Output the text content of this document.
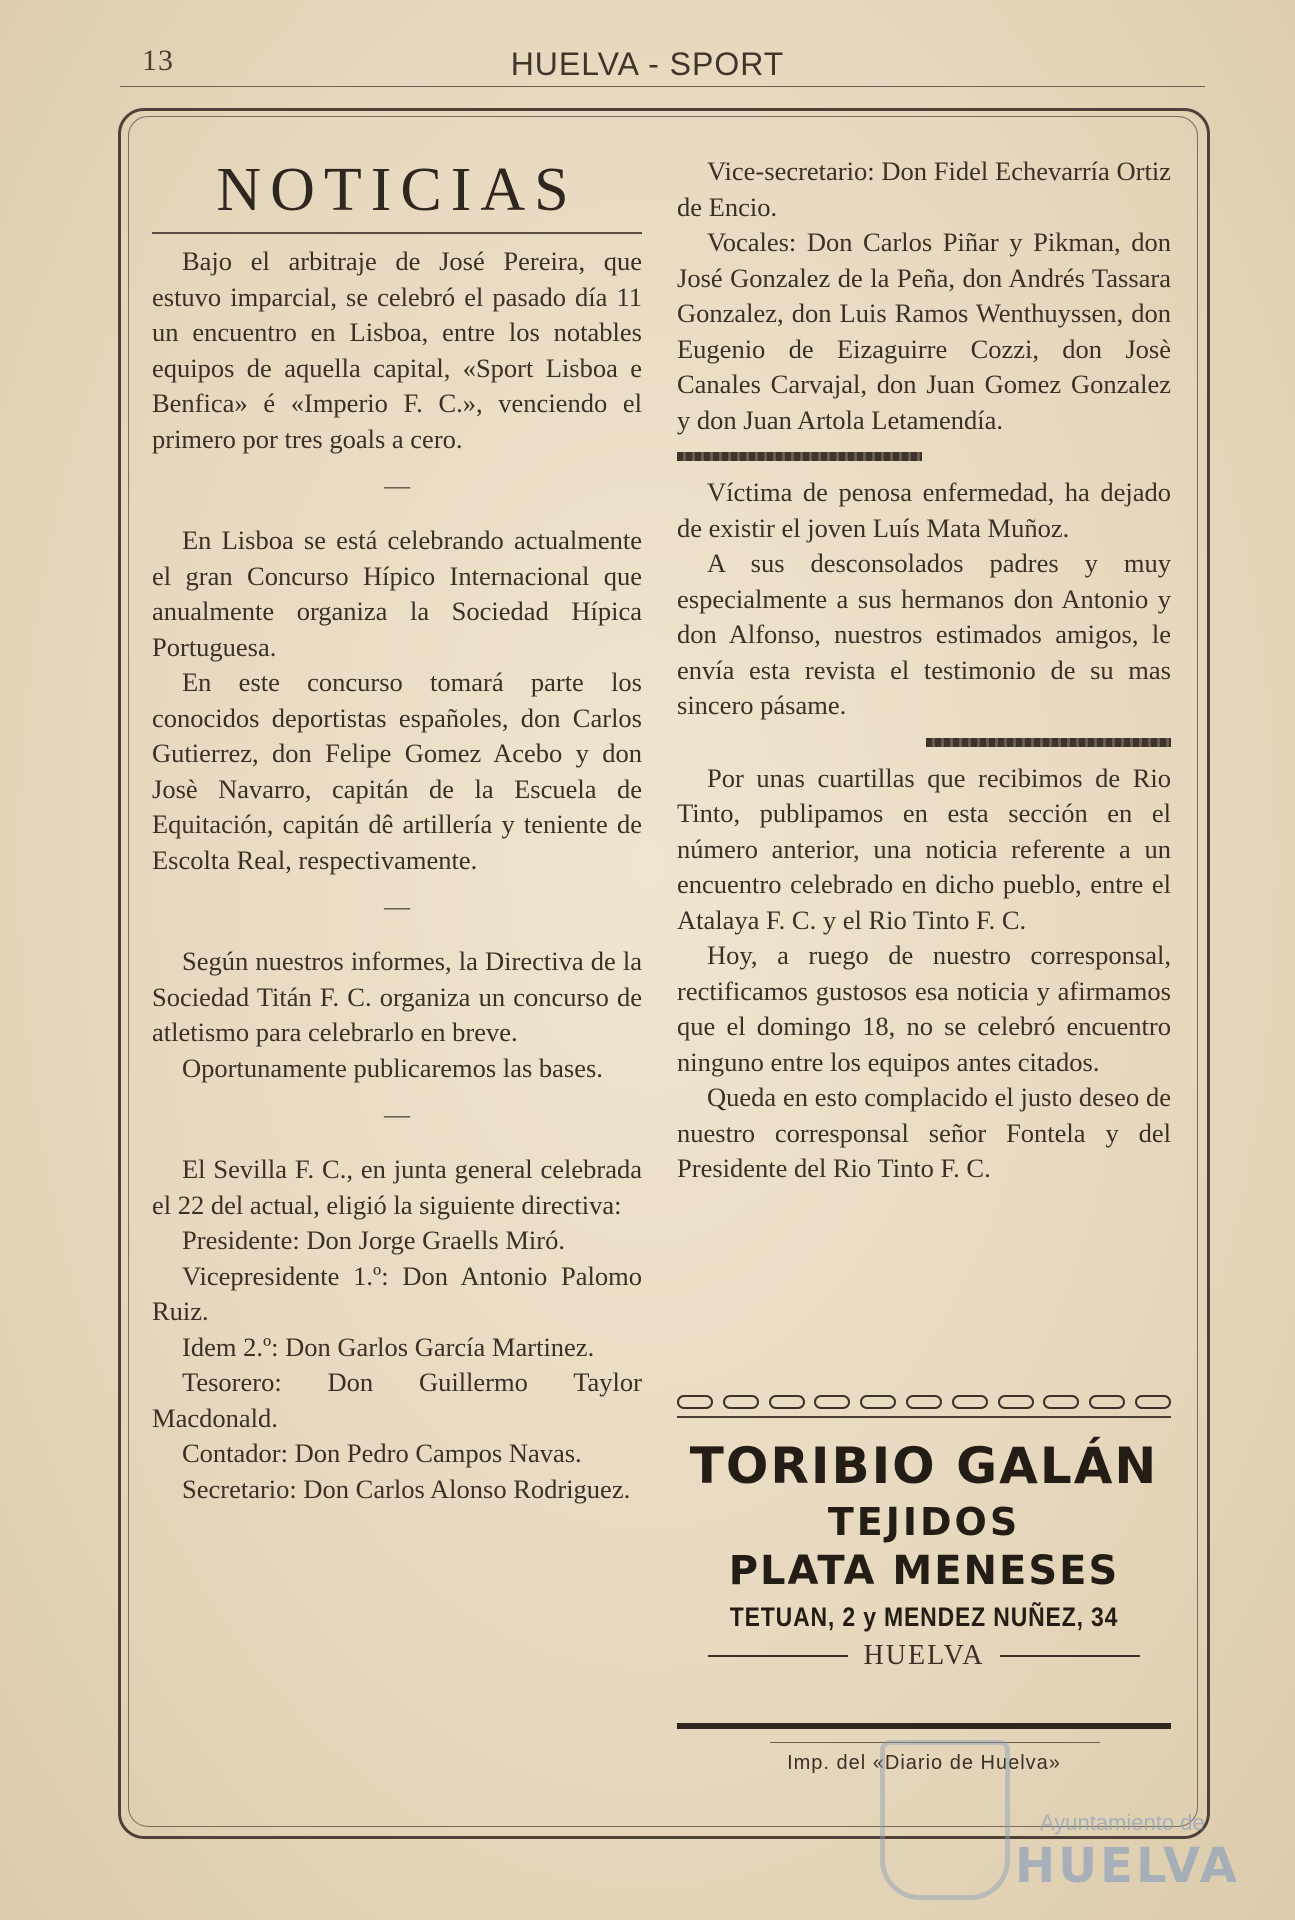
13	HUELVA - SPORT
NOTICIAS

Bajo el arbitraje de José Pereira, que estuvo imparcial, se celebró el pasado día 11 un encuentro en Lisboa, entre los notables equipos de aquella capital, «Sport Lisboa e Benfica» é «Imperio F. C.», venciendo el primero por tres goals a cero.

—

En Lisboa se está celebrando actualmente el gran Concurso Hípico Internacional que anualmente organiza la Sociedad Hípica Portuguesa.

En este concurso tomará parte los conocidos deportistas españoles, don Carlos Gutierrez, don Felipe Gomez Acebo y don Josè Navarro, capitán de la Escuela de Equitación, capitán dê artillería y teniente de Escolta Real, respectivamente.

—

Según nuestros informes, la Directiva de la Sociedad Titán F. C. organiza un concurso de atletismo para celebrarlo en breve.

Oportunamente publicaremos las bases.

—

El Sevilla F. C., en junta general celebrada el 22 del actual, eligió la siguiente directiva:

Presidente: Don Jorge Graells Miró.

Vicepresidente 1.º: Don Antonio Palomo Ruiz.

Idem 2.º: Don Garlos García Martinez.

Tesorero: Don Guillermo Taylor Macdonald.

Contador: Don Pedro Campos Navas.

Secretario: Don Carlos Alonso Rodriguez.

Vice-secretario: Don Fidel Echevarría Ortiz de Encio.

Vocales: Don Carlos Piñar y Pikman, don José Gonzalez de la Peña, don Andrés Tassara Gonzalez, don Luis Ramos Wenthuyssen, don Eugenio de Eizaguirre Cozzi, don Josè Canales Carvajal, don Juan Gomez Gonzalez y don Juan Artola Letamendía.

Víctima de penosa enfermedad, ha dejado de existir el joven Luís Mata Muñoz.

A sus desconsolados padres y muy especialmente a sus hermanos don Antonio y don Alfonso, nuestros estimados amigos, le envía esta revista el testimonio de su mas sincero pásame.

Por unas cuartillas que recibimos de Rio Tinto, publipamos en esta sección en el número anterior, una noticia referente a un encuentro celebrado en dicho pueblo, entre el Atalaya F. C. y el Rio Tinto F. C.

Hoy, a ruego de nuestro corresponsal, rectificamos gustosos esa noticia y afirmamos que el domingo 18, no se celebró encuentro ninguno entre los equipos antes citados.

Queda en esto complacido el justo deseo de nuestro corresponsal señor Fontela y del Presidente del Rio Tinto F. C.

TORIBIO GALÁN
TEJIDOS
PLATA MENESES
TETUAN, 2 y MENDEZ NUÑEZ, 34
HUELVA
Imp. del «Diario de Huelva»
Ayuntamiento de
HUELVA
